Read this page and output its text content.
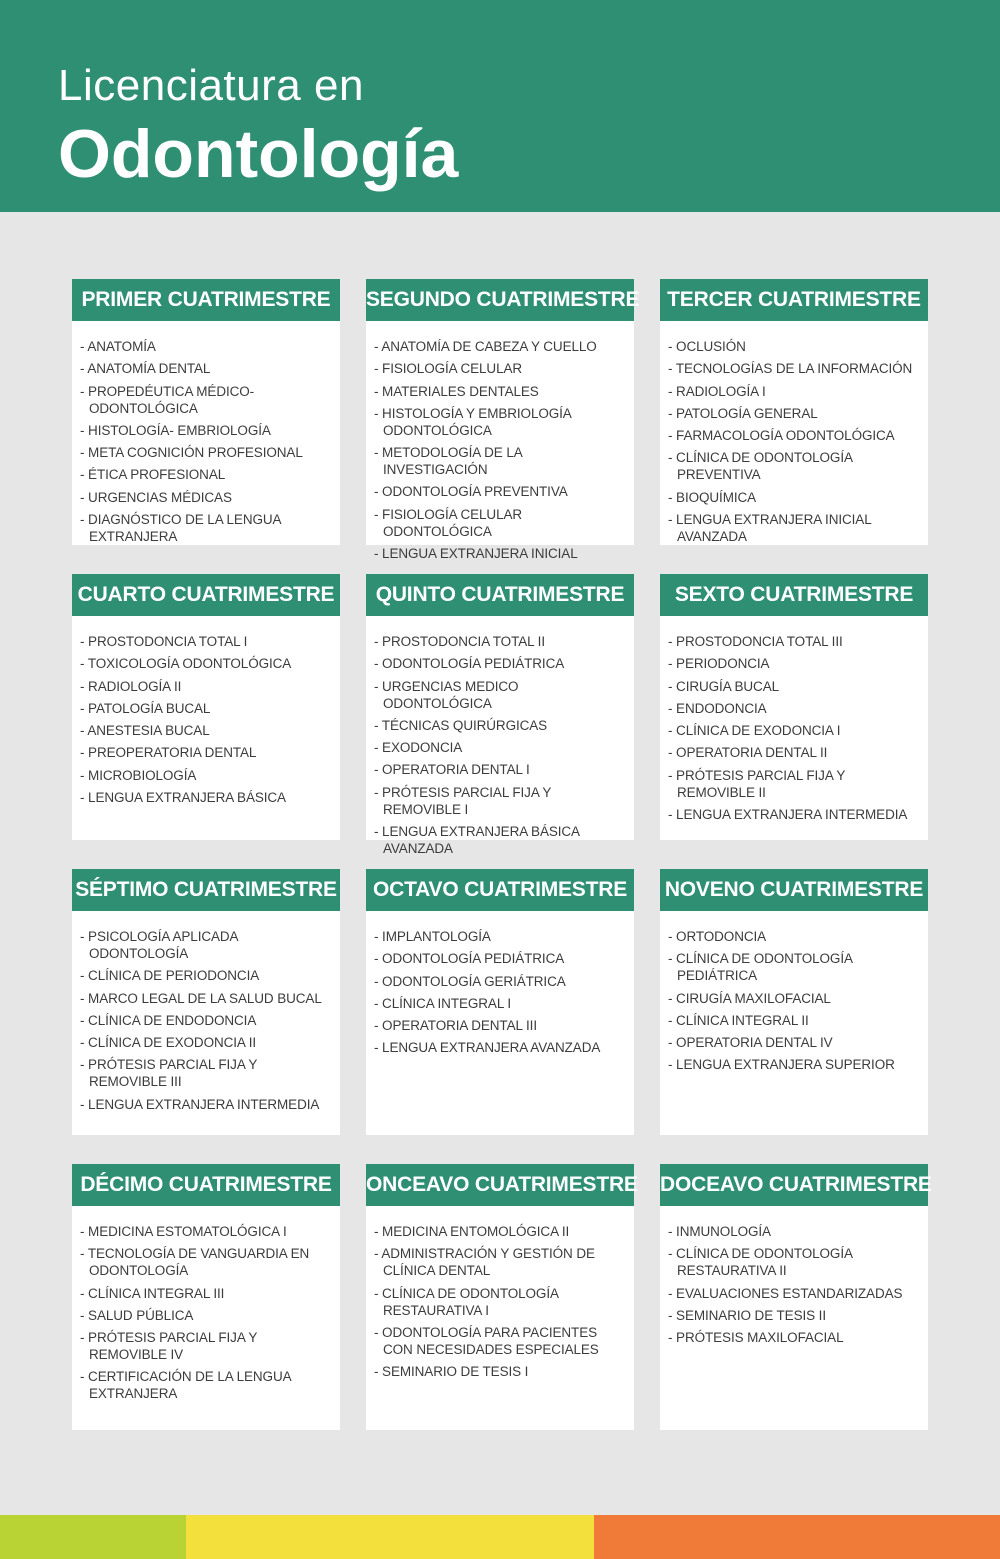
Licenciatura en
Odontología
PRIMER CUATRIMESTRE
- ANATOMÍA
- ANATOMÍA DENTAL
- PROPEDÉUTICA MÉDICO-ODONTOLÓGICA
- HISTOLOGÍA- EMBRIOLOGÍA
- META COGNICIÓN PROFESIONAL
- ÉTICA PROFESIONAL
- URGENCIAS MÉDICAS
- DIAGNÓSTICO DE LA LENGUA EXTRANJERA
SEGUNDO CUATRIMESTRE
- ANATOMÍA DE CABEZA Y CUELLO
- FISIOLOGÍA CELULAR
- MATERIALES DENTALES
- HISTOLOGÍA Y EMBRIOLOGÍA ODONTOLÓGICA
- METODOLOGÍA DE LA INVESTIGACIÓN
- ODONTOLOGÍA PREVENTIVA
- FISIOLOGÍA CELULAR ODONTOLÓGICA
- LENGUA EXTRANJERA INICIAL
TERCER CUATRIMESTRE
- OCLUSIÓN
- TECNOLOGÍAS DE LA INFORMACIÓN
- RADIOLOGÍA I
- PATOLOGÍA GENERAL
- FARMACOLOGÍA ODONTOLÓGICA
- CLÍNICA DE ODONTOLOGÍA PREVENTIVA
- BIOQUÍMICA
- LENGUA EXTRANJERA INICIAL AVANZADA
CUARTO CUATRIMESTRE
- PROSTODONCIA TOTAL I
- TOXICOLOGÍA ODONTOLÓGICA
- RADIOLOGÍA II
- PATOLOGÍA BUCAL
- ANESTESIA BUCAL
- PREOPERATORIA DENTAL
- MICROBIOLOGÍA
- LENGUA EXTRANJERA BÁSICA
QUINTO CUATRIMESTRE
- PROSTODONCIA TOTAL II
- ODONTOLOGÍA PEDIÁTRICA
- URGENCIAS MEDICO ODONTOLÓGICA
- TÉCNICAS QUIRÚRGICAS
- EXODONCIA
- OPERATORIA DENTAL I
- PRÓTESIS PARCIAL FIJA Y REMOVIBLE I
- LENGUA EXTRANJERA BÁSICA AVANZADA
SEXTO CUATRIMESTRE
- PROSTODONCIA TOTAL III
- PERIODONCIA
- CIRUGÍA BUCAL
- ENDODONCIA
- CLÍNICA DE EXODONCIA I
- OPERATORIA DENTAL II
- PRÓTESIS PARCIAL FIJA Y REMOVIBLE II
- LENGUA EXTRANJERA INTERMEDIA
SÉPTIMO CUATRIMESTRE
- PSICOLOGÍA APLICADA ODONTOLOGÍA
- CLÍNICA DE PERIODONCIA
- MARCO LEGAL DE LA SALUD BUCAL
- CLÍNICA DE ENDODONCIA
- CLÍNICA DE EXODONCIA II
- PRÓTESIS PARCIAL FIJA Y REMOVIBLE III
- LENGUA EXTRANJERA INTERMEDIA
OCTAVO CUATRIMESTRE
- IMPLANTOLOGÍA
- ODONTOLOGÍA PEDIÁTRICA
- ODONTOLOGÍA GERIÁTRICA
- CLÍNICA INTEGRAL I
- OPERATORIA DENTAL III
- LENGUA EXTRANJERA AVANZADA
NOVENO CUATRIMESTRE
- ORTODONCIA
- CLÍNICA DE ODONTOLOGÍA PEDIÁTRICA
- CIRUGÍA MAXILOFACIAL
- CLÍNICA INTEGRAL II
- OPERATORIA DENTAL IV
- LENGUA EXTRANJERA SUPERIOR
DÉCIMO CUATRIMESTRE
- MEDICINA ESTOMATOLÓGICA I
- TECNOLOGÍA DE VANGUARDIA EN ODONTOLOGÍA
- CLÍNICA INTEGRAL III
- SALUD PÚBLICA
- PRÓTESIS PARCIAL FIJA Y REMOVIBLE IV
- CERTIFICACIÓN DE LA LENGUA EXTRANJERA
ONCEAVO CUATRIMESTRE
- MEDICINA ENTOMOLÓGICA II
- ADMINISTRACIÓN Y GESTIÓN DE CLÍNICA DENTAL
- CLÍNICA DE ODONTOLOGÍA RESTAURATIVA I
- ODONTOLOGÍA PARA PACIENTES CON NECESIDADES ESPECIALES
- SEMINARIO DE TESIS I
DOCEAVO CUATRIMESTRE
- INMUNOLOGÍA
- CLÍNICA DE ODONTOLOGÍA RESTAURATIVA II
- EVALUACIONES ESTANDARIZADAS
- SEMINARIO DE TESIS II
- PRÓTESIS MAXILOFACIAL
